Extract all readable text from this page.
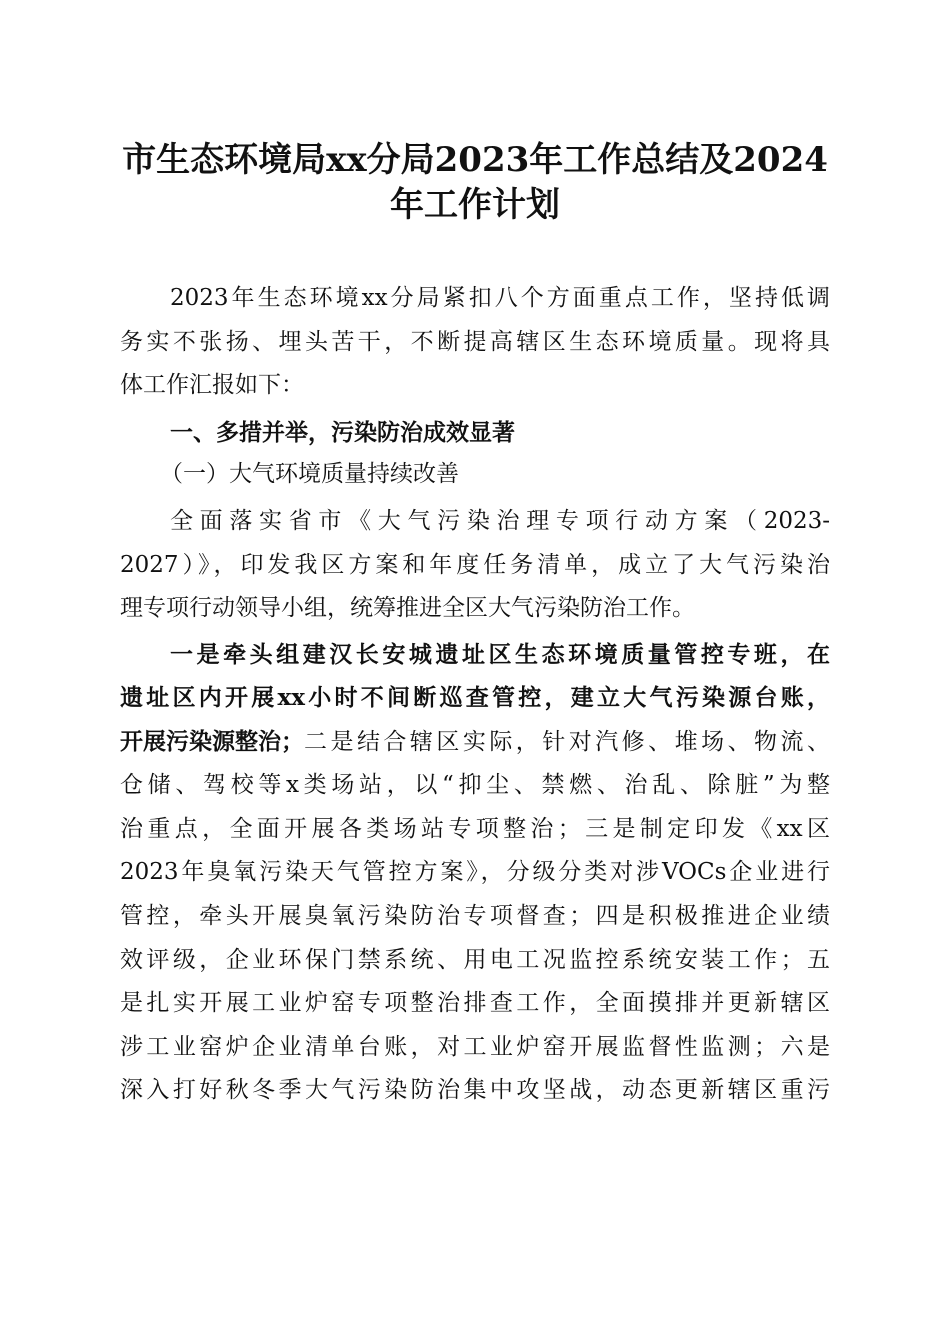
市生态环境局xx分局2023年工作总结及2024
年工作计划
2023年生态环境xx分局紧扣八个方面重点工作，坚持低调
务实不张扬、埋头苦干，不断提高辖区生态环境质量。现将具
体工作汇报如下：
一、多措并举，污染防治成效显著
（一）大气环境质量持续改善
全面落实省市《大气污染治理专项行动方案（2023-
2027）》，印发我区方案和年度任务清单，成立了大气污染治
理专项行动领导小组，统筹推进全区大气污染防治工作。
一是牵头组建汉长安城遗址区生态环境质量管控专班，在
遗址区内开展xx小时不间断巡查管控，建立大气污染源台账，
开展污染源整治； 二是结合辖区实际，针对汽修、堆场、物流、
仓储、驾校等x类场站，以“抑尘、禁燃、治乱、除脏”为整
治重点，全面开展各类场站专项整治；三是制定印发《xx区
2023年臭氧污染天气管控方案》，分级分类对涉VOCs企业进行
管控，牵头开展臭氧污染防治专项督查；四是积极推进企业绩
效评级，企业环保门禁系统、用电工况监控系统安装工作；五
是扎实开展工业炉窑专项整治排查工作，全面摸排并更新辖区
涉工业窑炉企业清单台账，对工业炉窑开展监督性监测；六是
深入打好秋冬季大气污染防治集中攻坚战，动态更新辖区重污
